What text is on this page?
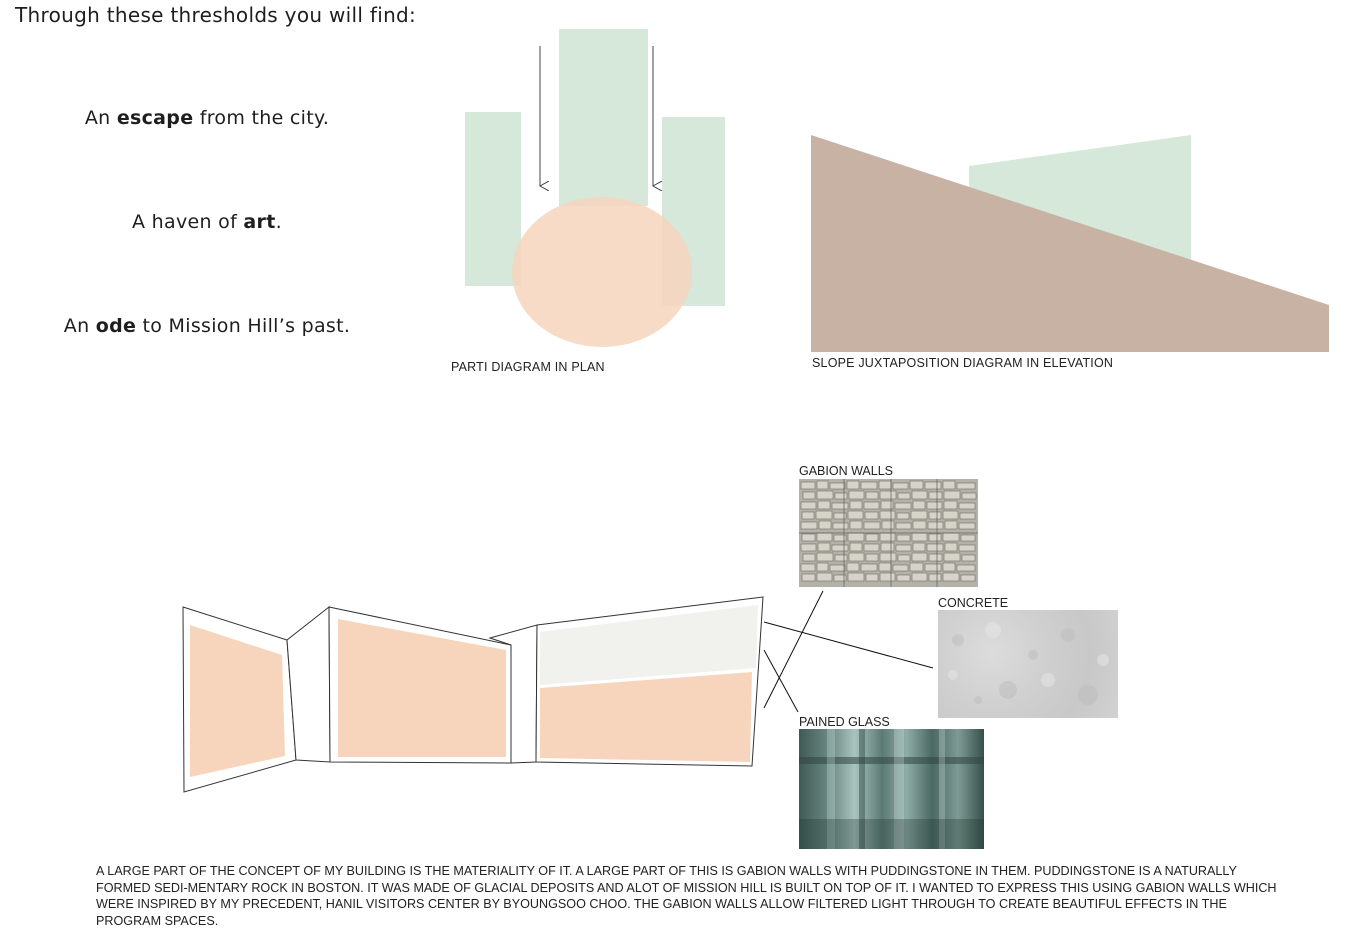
Through these thresholds you will find:
An escape from the city.
A haven of art.
An ode to Mission Hill’s past.
PARTI DIAGRAM IN PLAN	SLOPE JUXTAPOSITION DIAGRAM IN ELEVATION
GABION WALLS
CONCRETE
PAINED GLASS
A LARGE PART OF THE CONCEPT OF MY BUILDING IS THE MATERIALITY OF IT. A LARGE PART OF THIS IS GABION WALLS WITH PUDDINGSTONE IN THEM. PUDDINGSTONE IS A NATURALLY FORMED SEDI-MENTARY ROCK IN BOSTON. IT WAS MADE OF GLACIAL DEPOSITS AND ALOT OF MISSION HILL IS BUILT ON TOP OF IT. I WANTED TO EXPRESS THIS USING GABION WALLS WHICH WERE INSPIRED BY MY PRECEDENT, HANIL VISITORS CENTER BY BYOUNGSOO CHOO. THE GABION WALLS ALLOW FILTERED LIGHT THROUGH TO CREATE BEAUTIFUL EFFECTS IN THE PROGRAM SPACES.
